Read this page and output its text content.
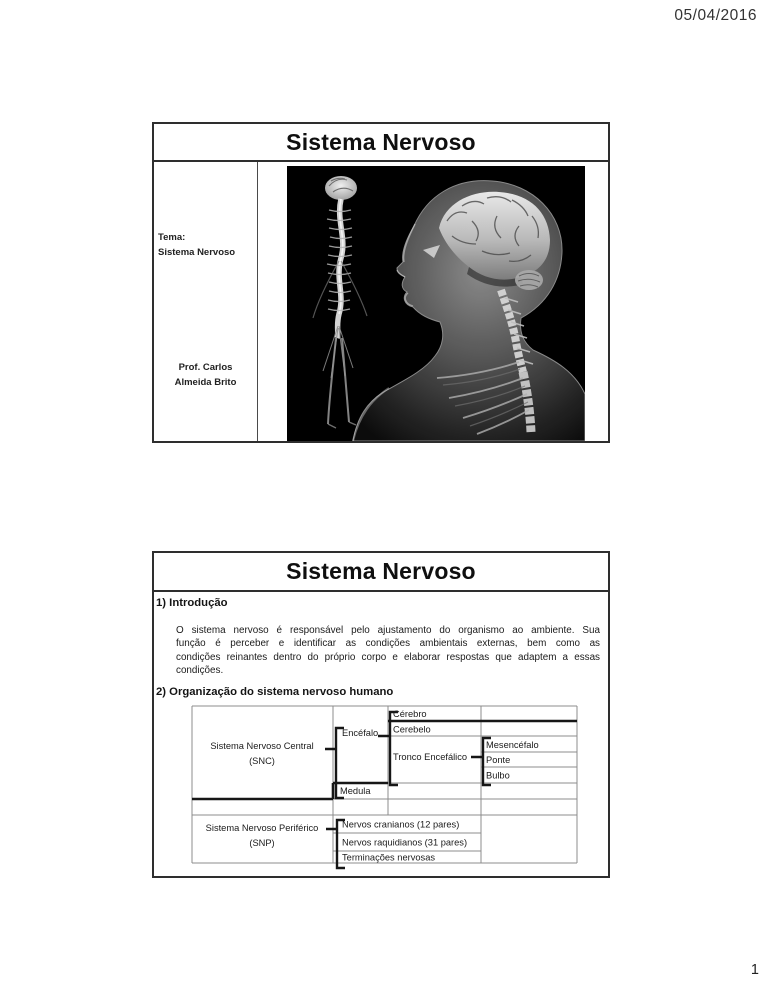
05/04/2016
Sistema Nervoso
Tema:
Sistema Nervoso
Prof. Carlos
Almeida Brito
Sistema Nervoso
1) Introdução
O sistema nervoso é responsável pelo ajustamento do organismo ao ambiente. Sua
função é perceber e identificar as condições ambientais externas, bem como as
condições reinantes dentro do próprio corpo e elaborar respostas que adaptem a essas
condições.
2) Organização do sistema nervoso humano
Sistema Nervoso Central
(SNC)
Encéfalo
Medula
Cérebro
Cerebelo
Tronco Encefálico
Mesencéfalo
Ponte
Bulbo
Sistema Nervoso Periférico
(SNP)
Nervos cranianos (12 pares)
Nervos raquidianos (31 pares)
Terminações nervosas
1
